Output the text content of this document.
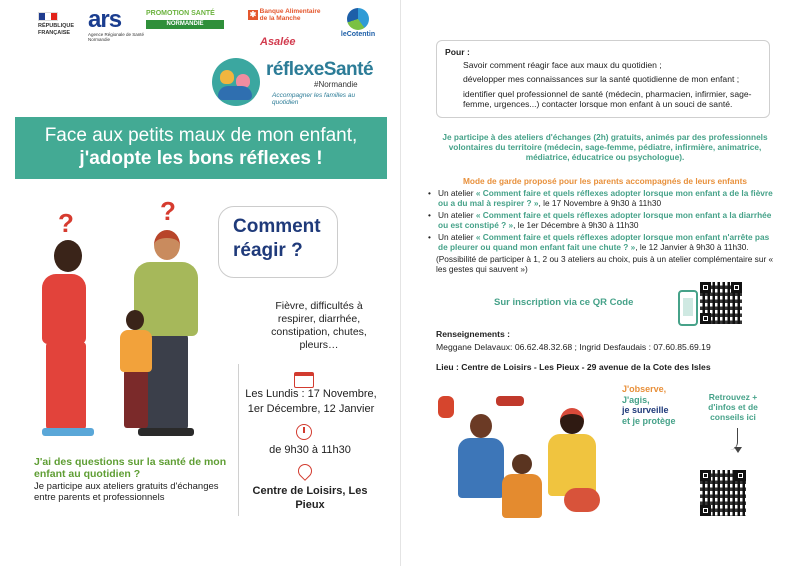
RÉPUBLIQUE FRANÇAISE ars
Agence Régionale de Santé Normandie
PROMOTION SANTÉ
NORMANDIE
✱ Banque Alimentaire de la Manche
Asalée
leCotentin
réflexeSanté
#Normandie
Accompagner les familles au quotidien
Face aux petits maux de mon enfant,
j'adopte les bons réflexes !
?	?
Comment réagir ?
Fièvre, difficultés à respirer, diarrhée, constipation, chutes, pleurs…

Les Lundis : 17 Novembre,
1er Décembre, 12 Janvier
de 9h30 à 11h30
Centre de Loisirs, Les Pieux
J'ai des questions sur la santé de mon enfant au quotidien ?
Je participe aux ateliers gratuits d'échanges entre parents et professionnels
Pour :
Savoir comment réagir face aux maux du quotidien ;
développer mes connaissances sur la santé quotidienne de mon enfant ;
identifier quel professionnel de santé (médecin, pharmacien, infirmier, sage-femme, urgences...) contacter lorsque mon enfant à un souci de santé.
Je participe à des ateliers d'échanges (2h) gratuits, animés par des professionnels volontaires du territoire (médecin, sage-femme, pédiatre, infirmière, animatrice, médiatrice, éducatrice ou psychologue).
Mode de garde proposé pour les parents accompagnés de leurs enfants
• Un atelier « Comment faire et quels réflexes adopter lorsque mon enfant a de la fièvre ou a du mal à respirer ? », le 17 Novembre à 9h30 à 11h30
• Un atelier « Comment faire et quels réflexes adopter lorsque mon enfant a la diarrhée ou est constipé ? », le 1er Décembre à 9h30 à 11h30
• Un atelier « Comment faire et quels réflexes adopter lorsque mon enfant n'arrête pas de pleurer ou quand mon enfant fait une chute ? », le 12 Janvier à 9h30 à 11h30.
(Possibilité de participer à 1, 2 ou 3 ateliers au choix, puis à un atelier complémentaire sur « les gestes qui sauvent »)
Sur inscription via ce QR Code
Renseignements :
Meggane Delavaux: 06.62.48.32.68 ; Ingrid Desfaudais : 07.60.85.69.19
Lieu : Centre de Loisirs - Les Pieux - 29 avenue de la Cote des Isles
J'observe,
J'agis,
je surveille
et je protège
Retrouvez + d'infos et de conseils ici
